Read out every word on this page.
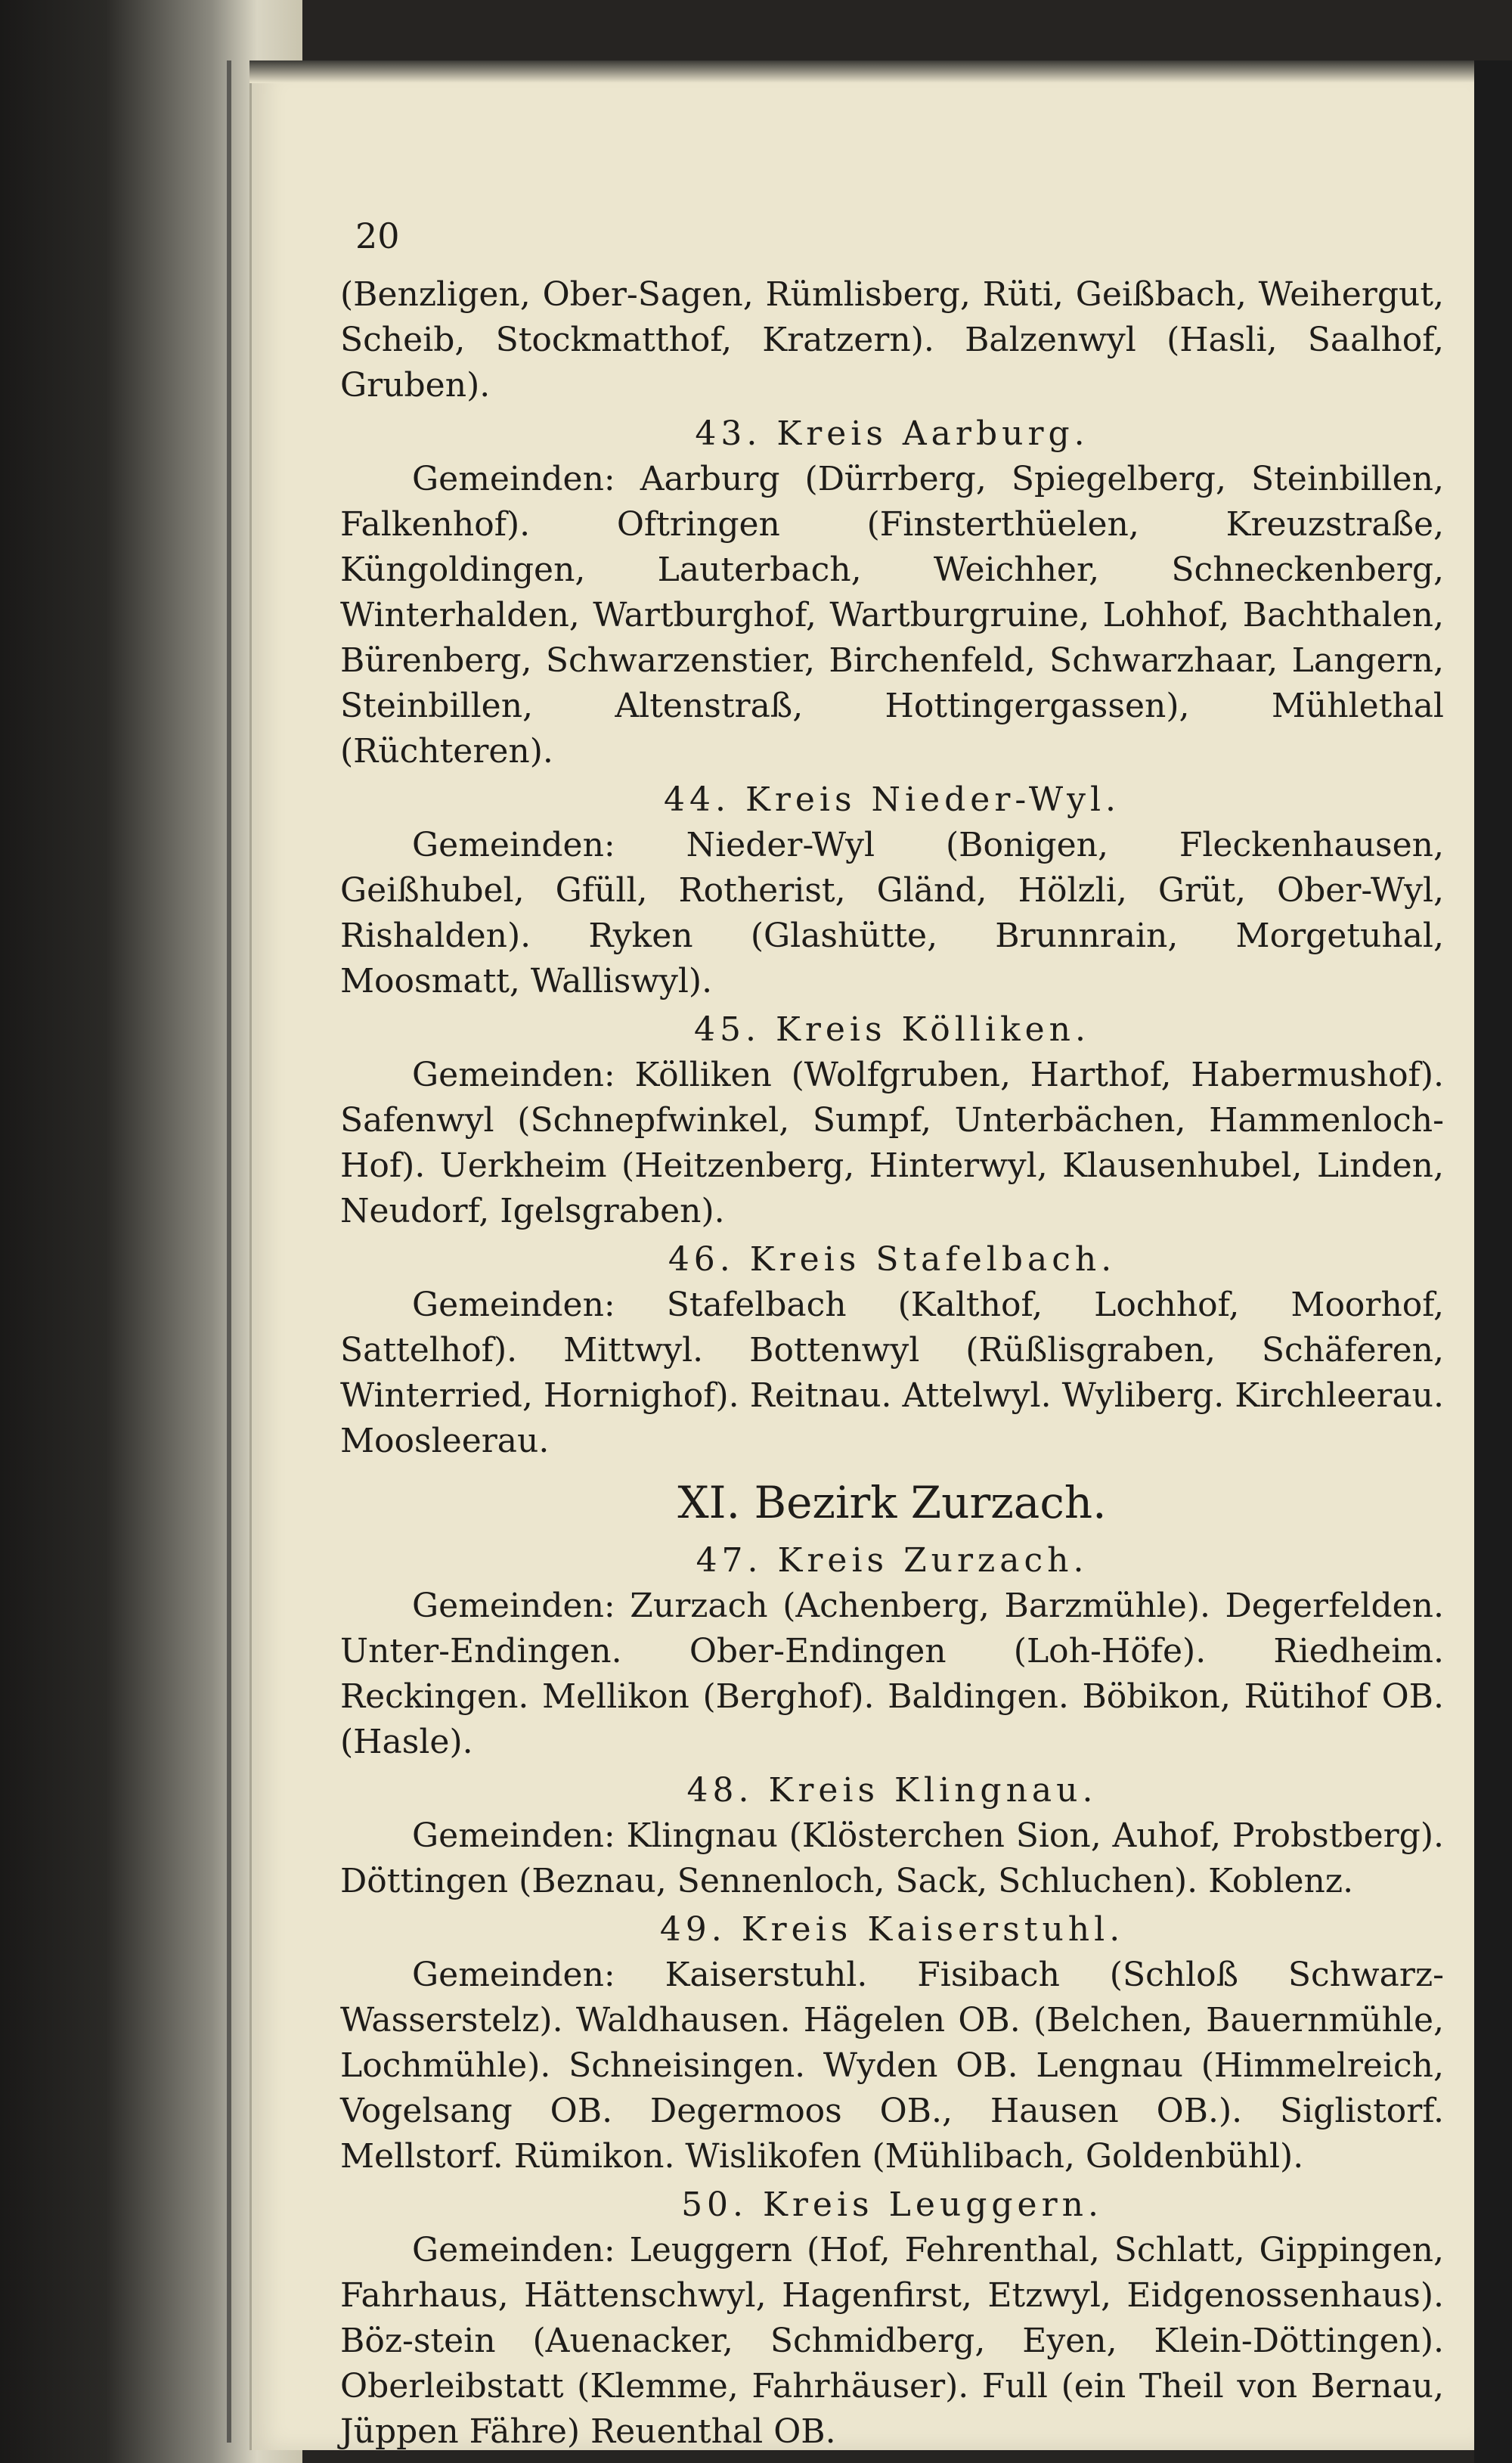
20

(Benzligen, Ober-Sagen, Rümlisberg, Rüti, Geißbach, Weihergut, Scheib, Stockmatthof, Kratzern). Balzenwyl (Hasli, Saalhof, Gruben).

43. Kreis Aarburg.

Gemeinden: Aarburg (Dürrberg, Spiegelberg, Steinbillen, Falkenhof). Oftringen (Finsterthüelen, Kreuzstraße, Küngoldingen, Lauterbach, Weichher, Schneckenberg, Winterhalden, Wartburghof, Wartburgruine, Lohhof, Bachthalen, Bürenberg, Schwarzenstier, Birchenfeld, Schwarzhaar, Langern, Steinbillen, Altenstraß, Hottingergassen), Mühlethal (Rüchteren).

44. Kreis Nieder-Wyl.

Gemeinden: Nieder-Wyl (Bonigen, Fleckenhausen, Geißhubel, Gfüll, Rotherist, Gländ, Hölzli, Grüt, Ober-Wyl, Rishalden). Ryken (Glashütte, Brunnrain, Morgetuhal, Moosmatt, Walliswyl).

45. Kreis Kölliken.

Gemeinden: Kölliken (Wolfgruben, Harthof, Habermushof). Safenwyl (Schnepfwinkel, Sumpf, Unterbächen, Hammenloch-Hof). Uerkheim (Heitzenberg, Hinterwyl, Klausenhubel, Linden, Neudorf, Igelsgraben).

46. Kreis Stafelbach.

Gemeinden: Stafelbach (Kalthof, Lochhof, Moorhof, Sattelhof). Mittwyl. Bottenwyl (Rüßlisgraben, Schäferen, Winterried, Hornighof). Reitnau. Attelwyl. Wyliberg. Kirchleerau. Moosleerau.

XI. Bezirk Zurzach.

47. Kreis Zurzach.

Gemeinden: Zurzach (Achenberg, Barzmühle). Degerfelden. Unter-Endingen. Ober-Endingen (Loh-Höfe). Riedheim. Reckingen. Mellikon (Berghof). Baldingen. Böbikon, Rütihof OB. (Hasle).

48. Kreis Klingnau.

Gemeinden: Klingnau (Klösterchen Sion, Auhof, Probstberg). Döttingen (Beznau, Sennenloch, Sack, Schluchen). Koblenz.

49. Kreis Kaiserstuhl.

Gemeinden: Kaiserstuhl. Fisibach (Schloß Schwarz-Wasserstelz). Waldhausen. Hägelen OB. (Belchen, Bauernmühle, Lochmühle). Schneisingen. Wyden OB. Lengnau (Himmelreich, Vogelsang OB. Degermoos OB., Hausen OB.). Siglistorf. Mellstorf. Rümikon. Wislikofen (Mühlibach, Goldenbühl).

50. Kreis Leuggern.

Gemeinden: Leuggern (Hof, Fehrenthal, Schlatt, Gippingen, Fahrhaus, Hättenschwyl, Hagenfirst, Etzwyl, Eidgenossenhaus). Böz-stein (Auenacker, Schmidberg, Eyen, Klein-Döttingen). Oberleibstatt (Klemme, Fahrhäuser). Full (ein Theil von Bernau, Jüppen Fähre) Reuenthal OB.
